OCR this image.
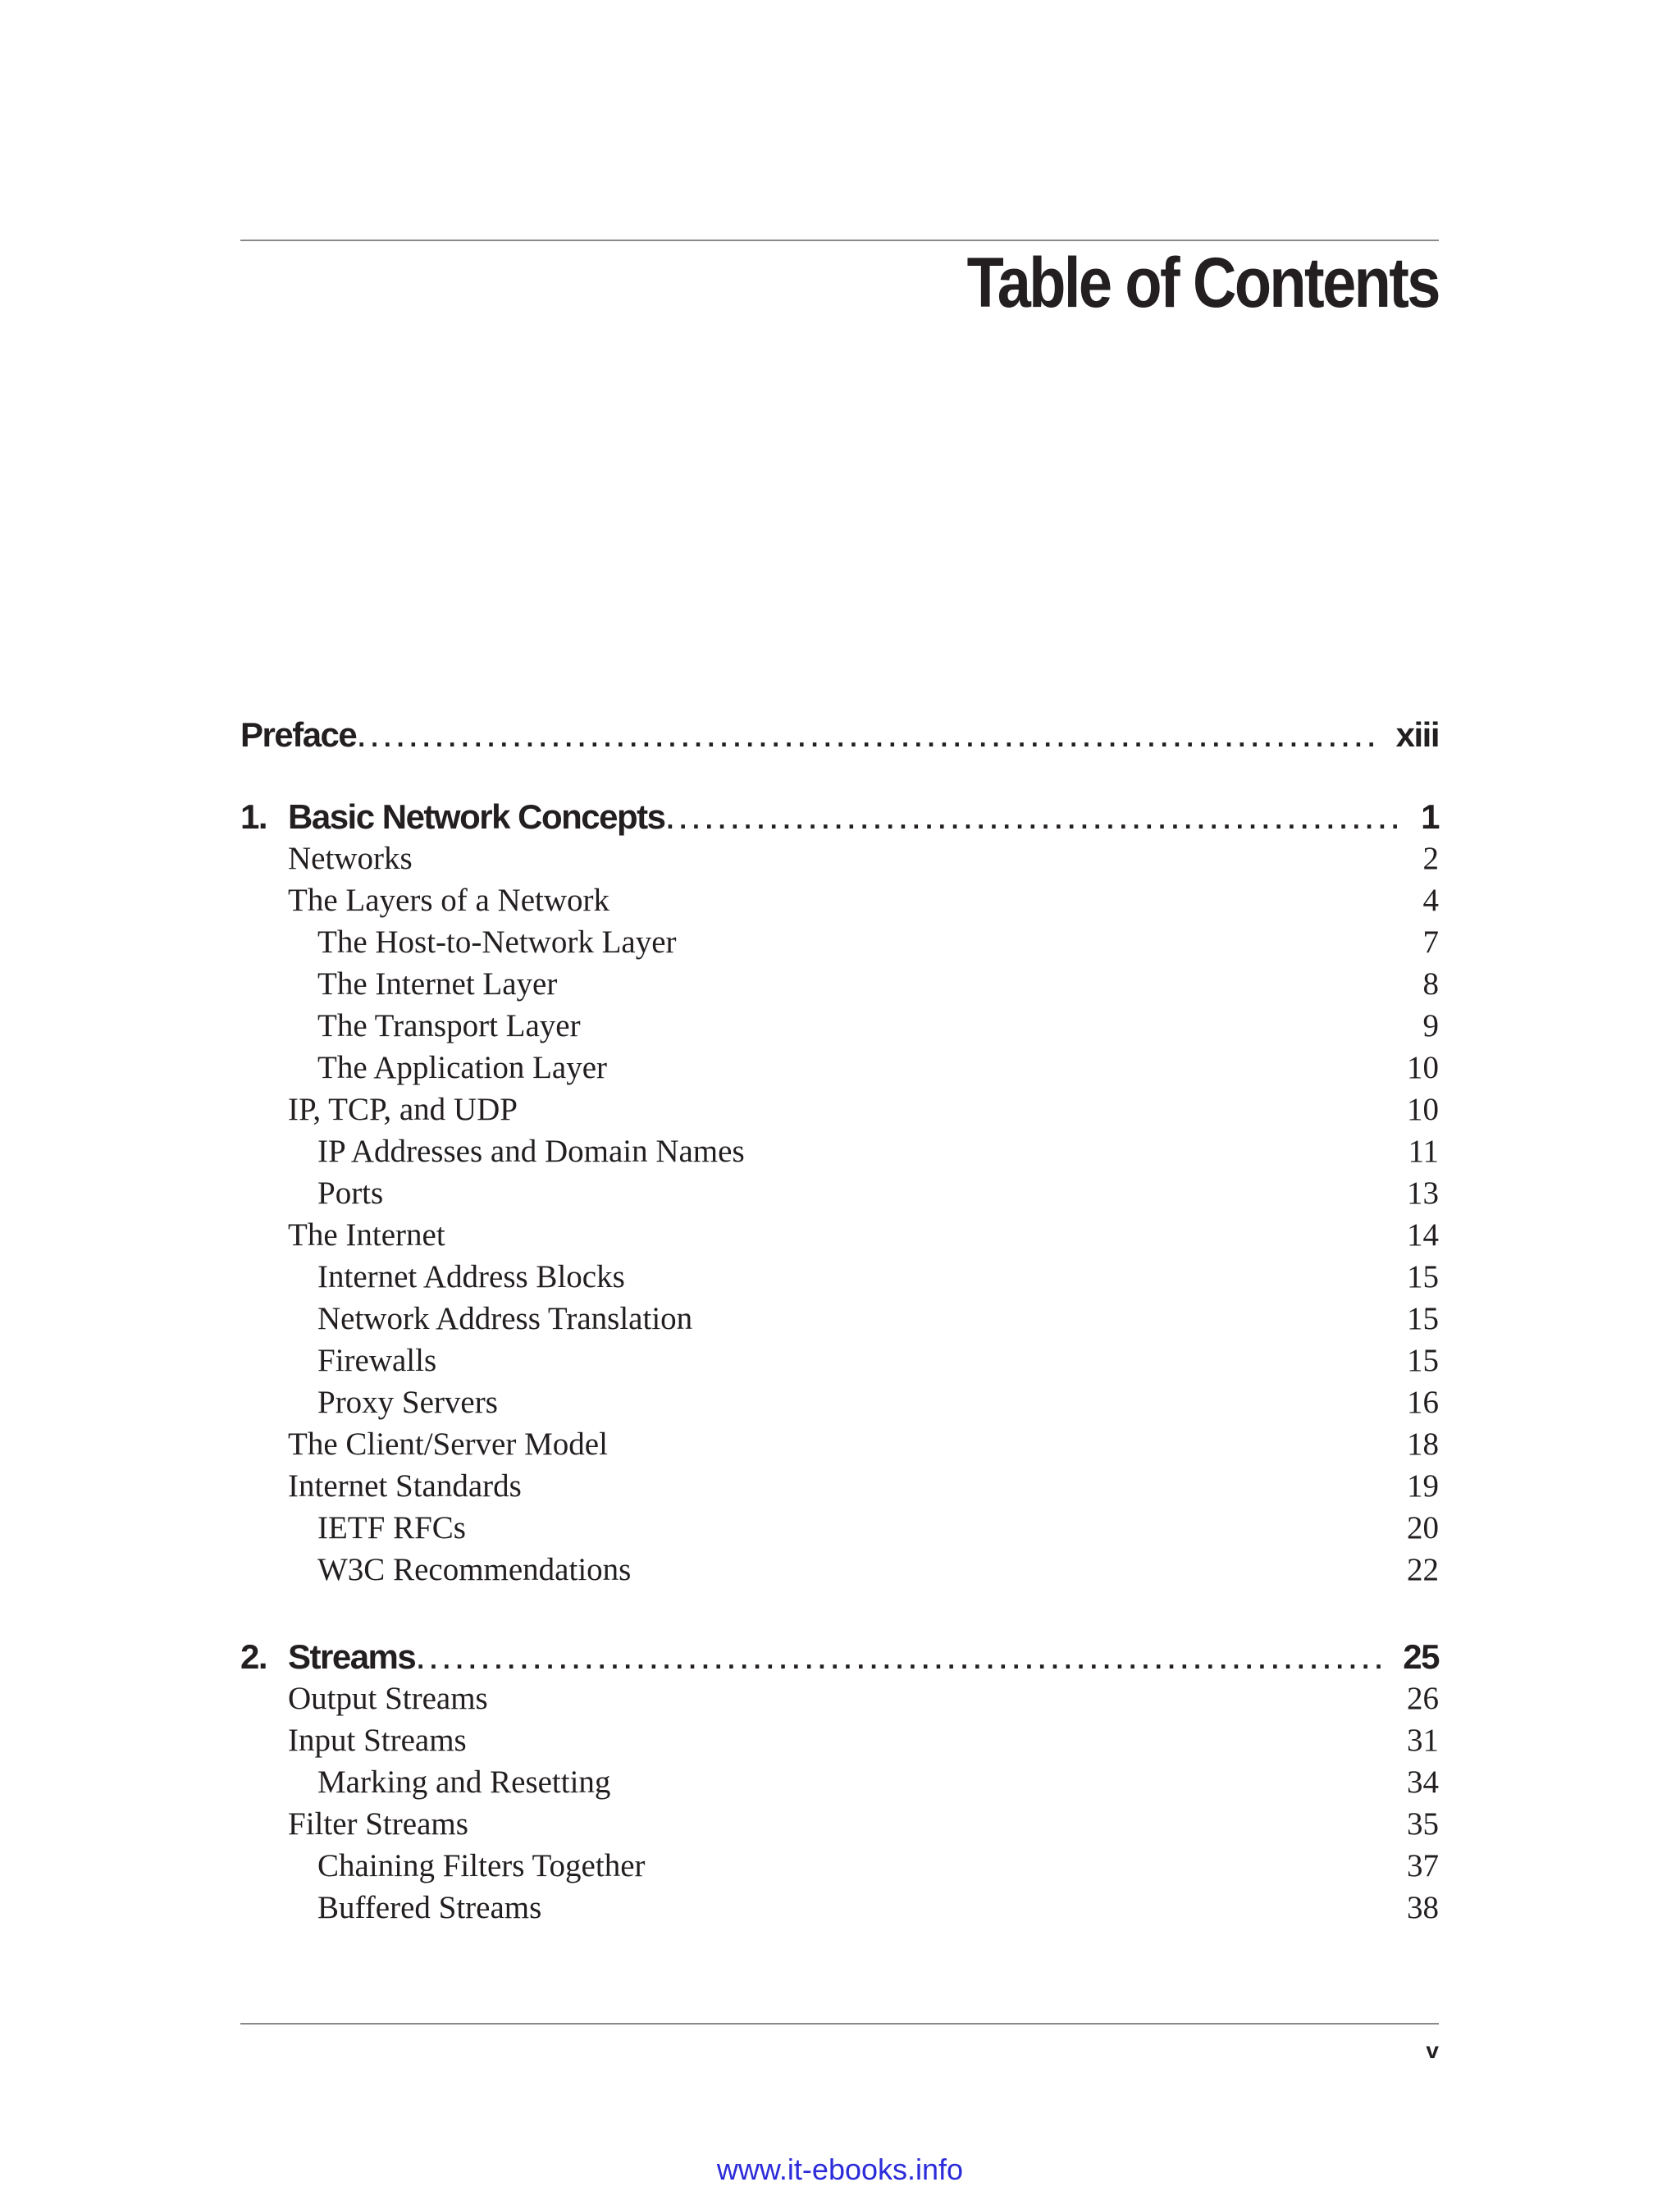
Table of Contents
Preface . . .	xiii
1. Basic Network Concepts . . .	1
Networks	2
The Layers of a Network	4
The Host-to-Network Layer	7
The Internet Layer	8
The Transport Layer	9
The Application Layer	10
IP, TCP, and UDP	10
IP Addresses and Domain Names	11
Ports	13
The Internet	14
Internet Address Blocks	15
Network Address Translation	15
Firewalls	15
Proxy Servers	16
The Client/Server Model	18
Internet Standards	19
IETF RFCs	20
W3C Recommendations	22
2. Streams . . .	25
Output Streams	26
Input Streams	31
Marking and Resetting	34
Filter Streams	35
Chaining Filters Together	37
Buffered Streams	38
v
www.it-ebooks.info
